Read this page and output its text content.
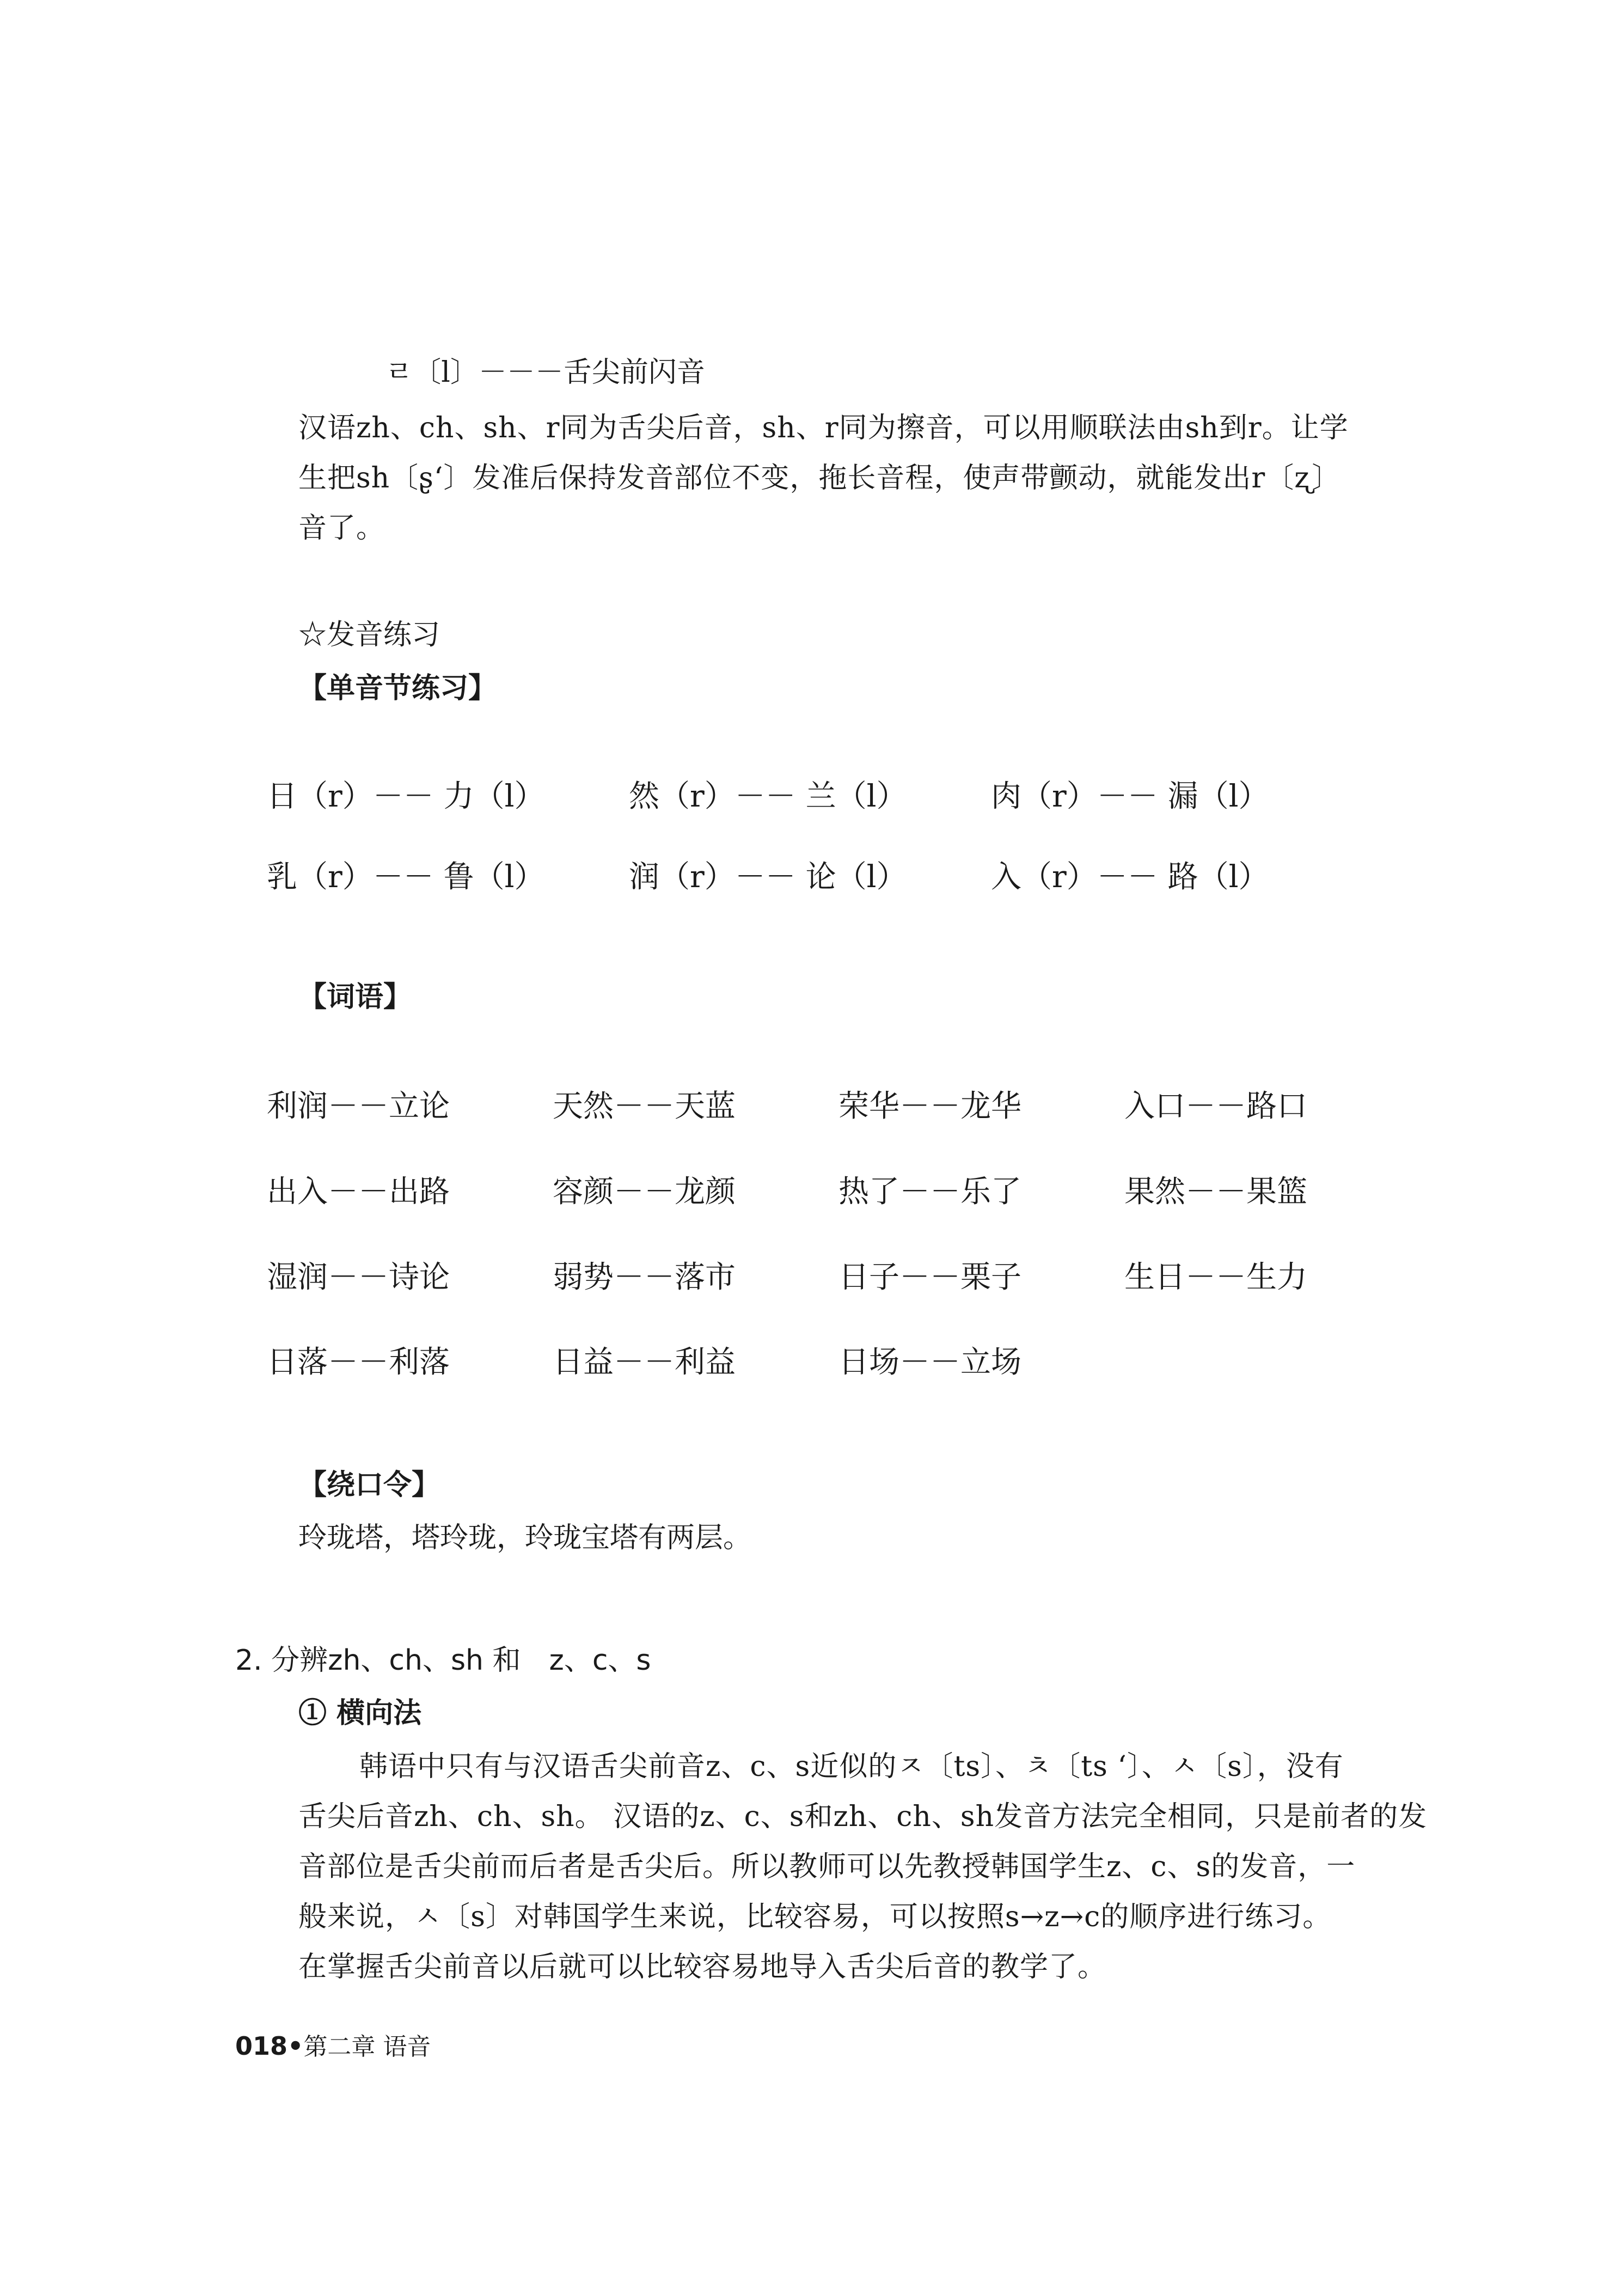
ㄹ〔l〕－－－舌尖前闪音
汉语zh、ch、sh、r同为舌尖后音，sh、r同为擦音，可以用顺联法由sh到r。让学
生把sh〔ʂʻ〕发准后保持发音部位不变，拖长音程，使声带颤动，就能发出r〔ʐ〕
音了。
☆发音练习
【单音节练习】
日（r）－－ 力（l）	然（r）－－ 兰（l）	肉（r）－－ 漏（l）
乳（r）－－ 鲁（l）	润（r）－－ 论（l）	入（r）－－ 路（l）
【词语】
利润－－立论	天然－－天蓝	荣华－－龙华	入口－－路口
出入－－出路	容颜－－龙颜	热了－－乐了	果然－－果篮
湿润－－诗论	弱势－－落市	日子－－栗子	生日－－生力
日落－－利落	日益－－利益	日场－－立场
【绕口令】
玲珑塔，塔玲珑，玲珑宝塔有两层。
2. 分辨zh、ch、sh 和　z、c、s
① 横向法
韩语中只有与汉语舌尖前音z、c、s近似的ㅈ〔ts〕、ㅊ〔ts ʻ〕、ㅅ〔s〕，没有
舌尖后音zh、ch、sh。 汉语的z、c、s和zh、ch、sh发音方法完全相同，只是前者的发
音部位是舌尖前而后者是舌尖后。所以教师可以先教授韩国学生z、c、s的发音，一
般来说，ㅅ〔s〕对韩国学生来说，比较容易，可以按照s→z→c的顺序进行练习。
在掌握舌尖前音以后就可以比较容易地导入舌尖后音的教学了。
018•第二章 语音
